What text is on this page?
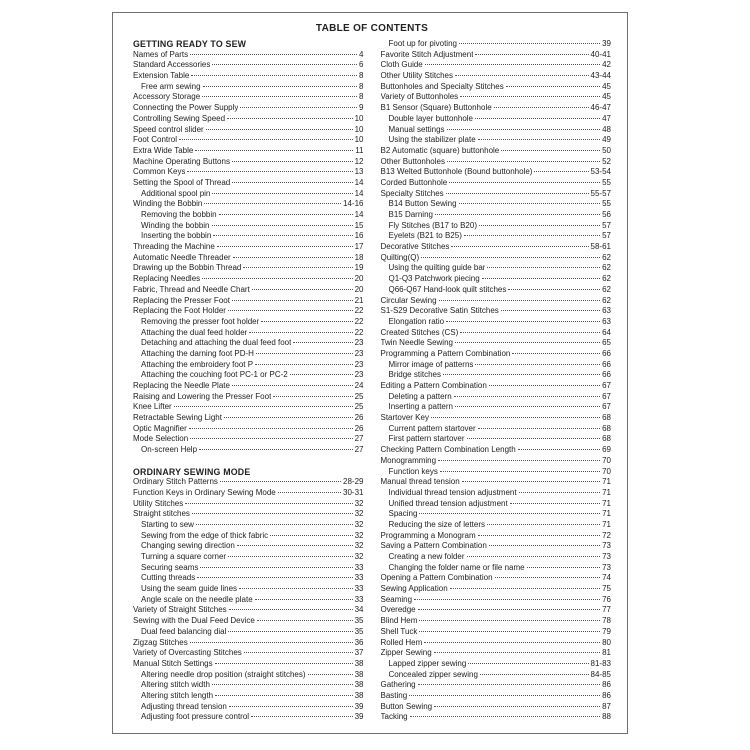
TABLE OF CONTENTS
GETTING READY TO SEW
Names of Parts	4
Standard Accessories	6
Extension Table	8
Free arm sewing	8
Accessory Storage	8
Connecting the Power Supply	9
Controlling Sewing Speed	10
Speed control slider	10
Foot Control	10
Extra Wide Table	11
Machine Operating Buttons	12
Common Keys	13
Setting the Spool of Thread	14
Additional spool pin	14
Winding the Bobbin	14-16
Removing the bobbin	14
Winding the bobbin	15
Inserting the bobbin	16
Threading the Machine	17
Automatic Needle Threader	18
Drawing up the Bobbin Thread	19
Replacing Needles	20
Fabric, Thread and Needle Chart	20
Replacing the Presser Foot	21
Replacing the Foot Holder	22
Removing the presser foot holder	22
Attaching the dual feed holder	22
Detaching and attaching the dual feed foot	23
Attaching the darning foot PD-H	23
Attaching the embroidery foot P	23
Attaching the couching foot PC-1 or PC-2	23
Replacing the Needle Plate	24
Raising and Lowering the Presser Foot	25
Knee Lifter	25
Retractable Sewing Light	26
Optic Magnifier	26
Mode Selection	27
On-screen Help	27
ORDINARY SEWING MODE
Ordinary Stitch Patterns	28-29
Function Keys in Ordinary Sewing Mode	30-31
Utility Stitches	32
Straight stitches	32
Starting to sew	32
Sewing from the edge of thick fabric	32
Changing sewing direction	32
Turning a square corner	32
Securing seams	33
Cutting threads	33
Using the seam guide lines	33
Angle scale on the needle plate	33
Variety of Straight Stitches	34
Sewing with the Dual Feed Device	35
Dual feed balancing dial	35
Zigzag Stitches	36
Variety of Overcasting Stitches	37
Manual Stitch Settings	38
Altering needle drop position (straight stitches)	38
Altering stitch width	38
Altering stitch length	38
Adjusting thread tension	39
Adjusting foot pressure control	39
Foot up for pivoting	39
Favorite Stitch Adjustment	40-41
Cloth Guide	42
Other Utility Stitches	43-44
Buttonholes and Specialty Stitches	45
Variety of Buttonholes	45
B1 Sensor (Square) Buttonhole	46-47
Double layer buttonhole	47
Manual settings	48
Using the stabilizer plate	49
B2 Automatic (square) buttonhole	50
Other Buttonholes	52
B13 Welted Buttonhole (Bound buttonhole)	53-54
Corded Buttonhole	55
Specialty Stitches	55-57
B14 Button Sewing	55
B15 Darning	56
Fly Stitches (B17 to B20)	57
Eyelets (B21 to B25)	57
Decorative Stitches	58-61
Quilting(Q)	62
Using the quilting guide bar	62
Q1-Q3 Patchwork piecing	62
Q66-Q67 Hand-look quilt stitches	62
Circular Sewing	62
S1-S29 Decorative Satin Stitches	63
Elongation ratio	63
Created Stitches (CS)	64
Twin Needle Sewing	65
Programming a Pattern Combination	66
Mirror image of patterns	66
Bridge stitches	66
Editing a Pattern Combination	67
Deleting a pattern	67
Inserting a pattern	67
Startover Key	68
Current pattern startover	68
First pattern startover	68
Checking Pattern Combination Length	69
Monogramming	70
Function keys	70
Manual thread tension	71
Individual thread tension adjustment	71
Unified thread tension adjustment	71
Spacing	71
Reducing the size of letters	71
Programming a Monogram	72
Saving a Pattern Combination	73
Creating a new folder	73
Changing the folder name or file name	73
Opening a Pattern Combination	74
Sewing Application	75
Seaming	76
Overedge	77
Blind Hem	78
Shell Tuck	79
Rolled Hem	80
Zipper Sewing	81
Lapped zipper sewing	81-83
Concealed zipper sewing	84-85
Gathering	86
Basting	86
Button Sewing	87
Tacking	88
